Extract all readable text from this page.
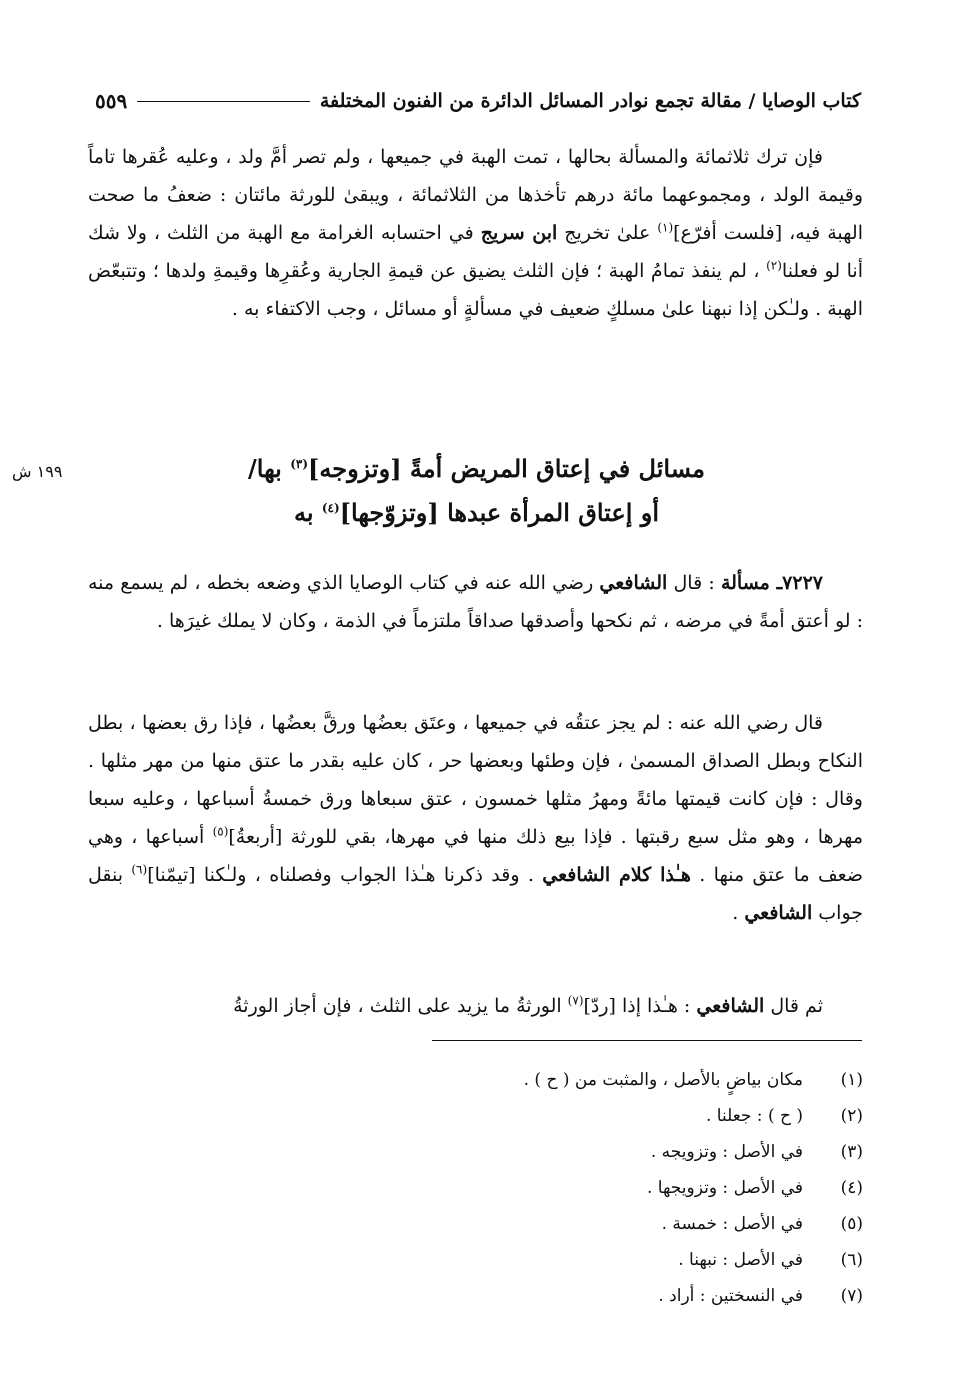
كتاب الوصايا / مقالة تجمع نوادر المسائل الدائرة من الفنون المختلفة
٥٥٩
فإن ترك ثلاثمائة والمسألة بحالها ، تمت الهبة في جميعها ، ولم تصر أمَّ ولد ، وعليه عُقرها تاماً وقيمة الولد ، ومجموعهما مائة درهم تأخذها من الثلاثمائة ، ويبقىٰ للورثة مائتان : ضعفُ ما صحت الهبة فيه، [فلست أفرّع]$^{(١)}$ علىٰ تخريج ابن سريج في احتسابه الغرامة مع الهبة من الثلث ، ولا شك أنا لو فعلنا$^{(٢)}$ ، لم ينفذ تمامُ الهبة ؛ فإن الثلث يضيق عن قيمةِ الجارية وعُقرِها وقيمةِ ولدها ؛ وتتبعّض الهبة . ولـٰكن إذا نبهنا علىٰ مسلكٍ ضعيف في مسألةٍ أو مسائل ، وجب الاكتفاء به .
مسائل في إعتاق المريض أمةً [وتزوجه]$^{(٣)}$ بها/
أو إعتاق المرأة عبدها [وتزوّجها]$^{(٤)}$ به
١٩٩ ش
٧٢٢٧ـ مسألة : قال الشافعي رضي الله عنه في كتاب الوصايا الذي وضعه بخطه ، لم يسمع منه : لو أعتق أمةً في مرضه ، ثم نكحها وأصدقها صداقاً ملتزماً في الذمة ، وكان لا يملك غيرَها .
قال رضي الله عنه : لم يجز عتقُه في جميعها ، وعتَق بعضُها ورقَّ بعضُها ، فإذا رق بعضها ، بطل النكاح وبطل الصداق المسمىٰ ، فإن وطئها وبعضها حر ، كان عليه بقدر ما عتق منها من مهر مثلها . وقال : فإن كانت قيمتها مائةً ومهرُ مثلها خمسون ، عتق سبعاها ورق خمسةُ أسباعها ، وعليه سبعا مهرها ، وهو مثل سبع رقبتها . فإذا بيع ذلك منها في مهرها، بقي للورثة [أربعةُ]$^{(٥)}$ أسباعها ، وهي ضعف ما عتق منها . هـٰذا كلام الشافعي . وقد ذكرنا هـٰذا الجواب وفصلناه ، ولـٰكنا [تيمّنا]$^{(٦)}$ بنقل جواب الشافعي .
ثم قال الشافعي : هـٰذا إذا [ردّ]$^{(٧)}$ الورثةُ ما يزيد على الثلث ، فإن أجاز الورثةُ
(١)
مكان بياضٍ بالأصل ، والمثبت من ( ح ) .
(٢)
( ح ) : جعلنا .
(٣)
في الأصل : وتزويجه .
(٤)
في الأصل : وتزويجها .
(٥)
في الأصل : خمسة .
(٦)
في الأصل : نبهنا .
(٧)
في النسختين : أراد .
